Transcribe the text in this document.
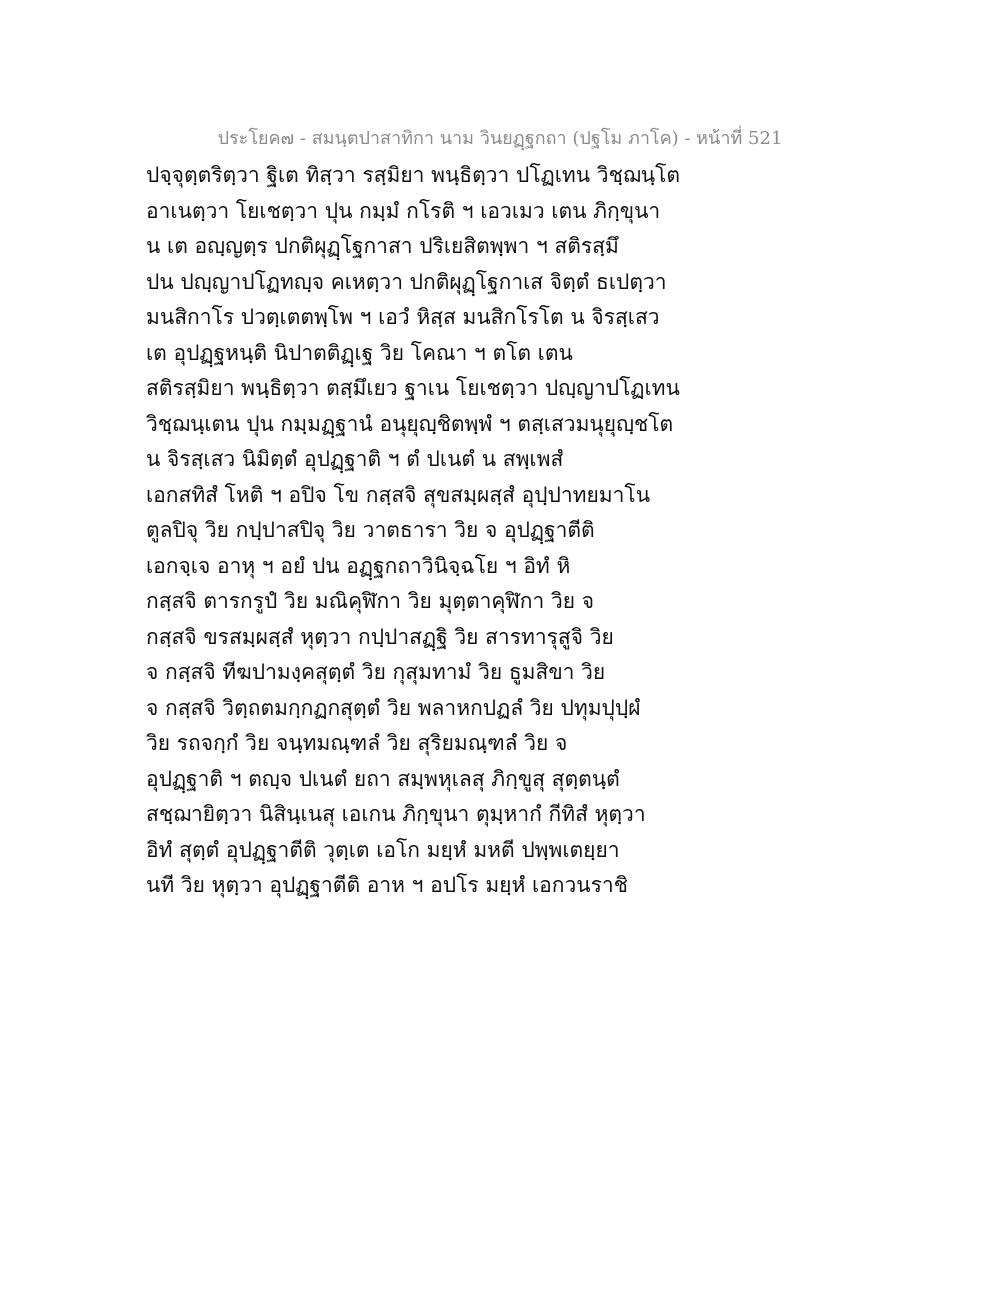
ประโยค๗ - สมนฺตปาสาทิกา นาม วินยฏฺฐกถา (ปฐโม ภาโค) - หน้าที่ 521
ปจฺจุตฺตริตฺวา ฐิเต ทิสฺวา รสฺมิยา พนฺธิตฺวา ปโฏเทน วิชฺฌนฺโต
อาเนตฺวา โยเชตฺวา ปุน กมฺมํ กโรติ ฯ เอวเมว เตน ภิกฺขุนา
น เต อญฺญตฺร ปกติผุฏฺโฐกาสา ปริเยสิตพฺพา ฯ สติรสฺมึ
ปน ปญฺญาปโฏทญฺจ คเหตฺวา ปกติผุฏฺโฐกาเส จิตฺตํ ธเปตฺวา
มนสิกาโร ปวตฺเตตพฺโพ ฯ เอวํ หิสฺส มนสิกโรโต น จิรสฺเสว
เต อุปฏฺฐหนฺติ นิปาตติฏฺเฐ วิย โคณา ฯ ตโต เตน
สติรสฺมิยา พนฺธิตฺวา ตสฺมึเยว ฐาเน โยเชตฺวา ปญฺญาปโฏเทน
วิชฺฌนฺเตน ปุน กมฺมฏฺฐานํ อนุยุญฺชิตพฺพํ ฯ ตสฺเสวมนุยุญฺชโต
น จิรสฺเสว นิมิตฺตํ อุปฏฺฐาติ ฯ ตํ ปเนตํ น สพฺเพสํ
เอกสทิสํ โหติ ฯ อปิจ โข กสฺสจิ สุขสมฺผสฺสํ อุปฺปาทยมาโน
ตูลปิจุ วิย กปฺปาสปิจุ วิย วาตธารา วิย จ อุปฏฺฐาตีติ
เอกจฺเจ อาหุ ฯ อยํ ปน อฏฺฐกถาวินิจฺฉโย ฯ อิทํ หิ
กสฺสจิ ตารกรูปํ วิย มณิคุฬิกา วิย มุตฺตาคุฬิกา วิย จ
กสฺสจิ ขรสมฺผสฺสํ หุตฺวา กปฺปาสฏฺฐิ วิย สารทารุสูจิ วิย
จ กสฺสจิ ทีฆปามงฺคสุตฺตํ วิย กุสุมทามํ วิย ธูมสิขา วิย
จ กสฺสจิ วิตฺถตมกฺกฏกสุตฺตํ วิย พลาหกปฏลํ วิย ปทุมปุปฺผํ
วิย รถจกฺกํ วิย จนฺทมณฺฑลํ วิย สุริยมณฺฑลํ วิย จ
อุปฏฺฐาติ ฯ ตญฺจ ปเนตํ ยถา สมฺพหุเลสุ ภิกฺขูสุ สุตฺตนฺตํ
สชฺฌายิตฺวา นิสินฺเนสุ เอเกน ภิกฺขุนา ตุมฺหากํ กีทิสํ หุตฺวา
อิทํ สุตฺตํ อุปฏฺฐาตีติ วุตฺเต เอโก มยฺหํ มหตี ปพฺพเตยฺยา
นที วิย หุตฺวา อุปฏฺฐาตีติ อาห ฯ อปโร มยฺหํ เอกวนราชิ
